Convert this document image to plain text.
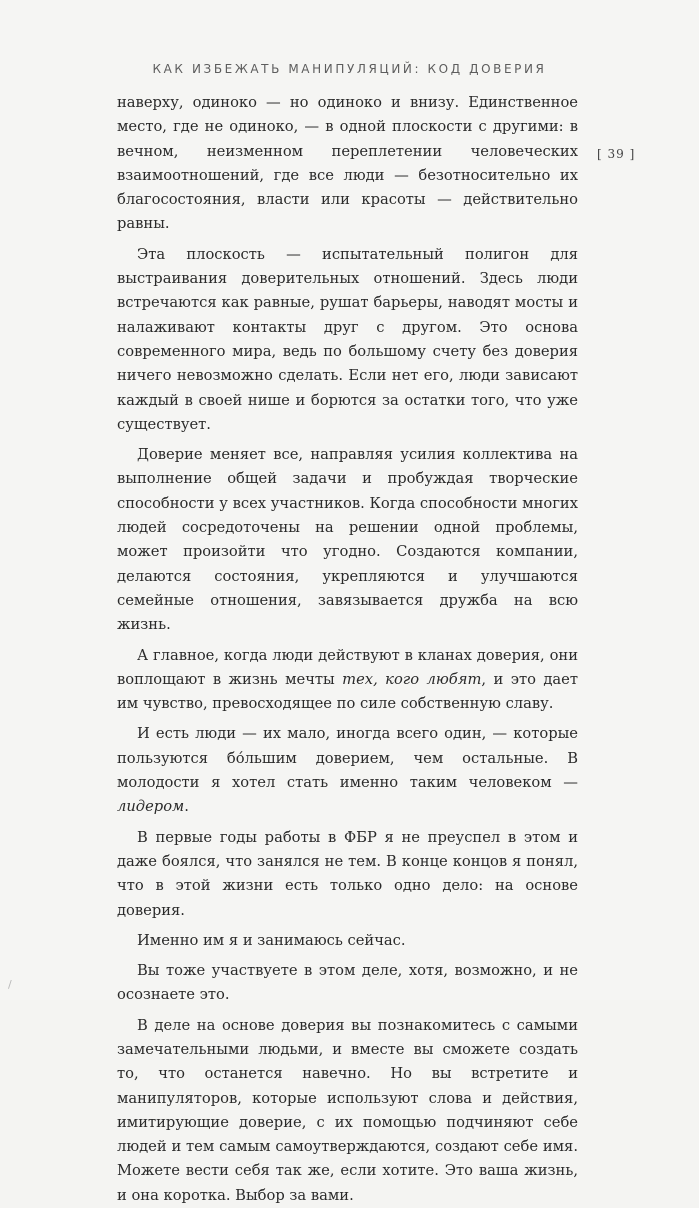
КАК ИЗБЕЖАТЬ МАНИПУЛЯЦИЙ: КОД ДОВЕРИЯ
[ 39 ]

наверху, одиноко — но одиноко и внизу. Единственное место, где не одиноко, — в одной плоскости с другими: в вечном, неизменном переплетении человеческих взаимоотношений, где все люди — безотносительно их благосостояния, власти или красоты — действительно равны.

Эта плоскость — испытательный полигон для выстраивания доверительных отношений. Здесь люди встречаются как равные, рушат барьеры, наводят мосты и налаживают контакты друг с другом. Это основа современного мира, ведь по большому счету без доверия ничего невозможно сделать. Если нет его, люди зависают каждый в своей нише и борются за остатки того, что уже существует.

Доверие меняет все, направляя усилия коллектива на выполнение общей задачи и пробуждая творческие способности у всех участников. Когда способности многих людей сосредоточены на решении одной проблемы, может произойти что угодно. Создаются компании, делаются состояния, укрепляются и улучшаются семейные отношения, завязывается дружба на всю жизнь.

А главное, когда люди действуют в кланах доверия, они воплощают в жизнь мечты тех, кого любят, и это дает им чувство, превосходящее по силе собственную славу.

И есть люди — их мало, иногда всего один, — которые пользуются бо́льшим доверием, чем остальные. В молодости я хотел стать именно таким человеком — лидером.

В первые годы работы в ФБР я не преуспел в этом и даже боялся, что занялся не тем. В конце концов я понял, что в этой жизни есть только одно дело: на основе доверия.

Именно им я и занимаюсь сейчас.

Вы тоже участвуете в этом деле, хотя, возможно, и не осознаете это.

В деле на основе доверия вы познакомитесь с самыми замечательными людьми, и вместе вы сможете создать то, что останется навечно. Но вы встретите и манипуляторов, которые используют слова и действия, имитирующие доверие, с их помощью подчиняют себе людей и тем самым самоутверждаются, создают себе имя. Можете вести себя так же, если хотите. Это ваша жизнь, и она коротка. Выбор за вами.

/
